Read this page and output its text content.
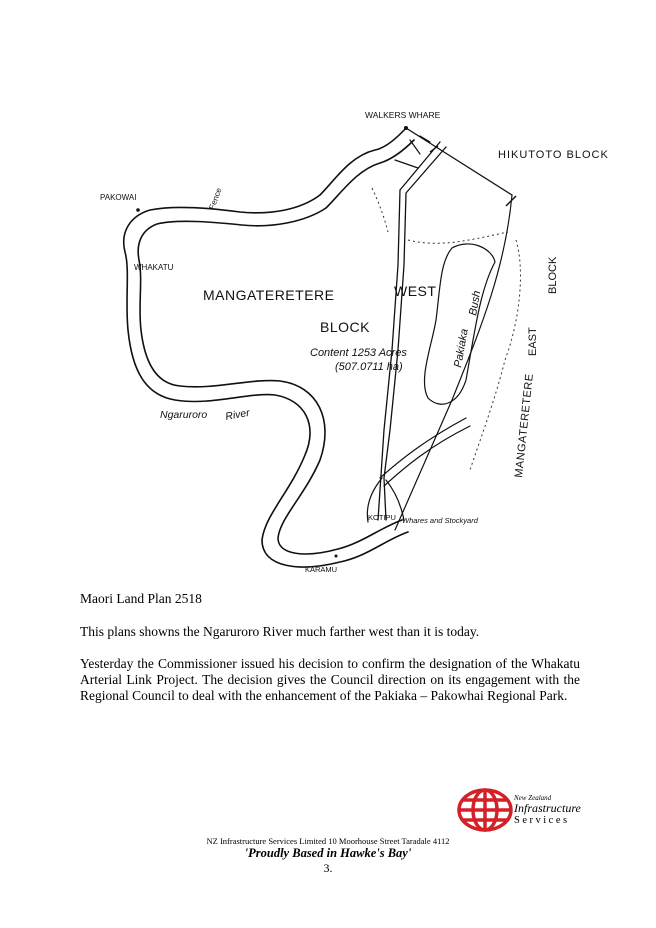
WALKERS WHARE
HIKUTOTO BLOCK
PAKOWAI	Fence
WHAKATU
MANGATERETERE	WEST
BLOCK
Content 1253 Acres
(507.0711 ha)	Pakiaka
Bush
EAST
BLOCK
MANGATERETERE
Ngaruroro River
KOTIPU Whares and Stockyard
KARAMU
Maori Land Plan 2518

This plans showns the Ngaruroro River much farther west than it is today.

Yesterday the Commissioner issued his decision to confirm the designation of the Whakatu Arterial Link Project. The decision gives the Council direction on its engagement with the Regional Council to deal with the enhancement of the Pakiaka – Pakowhai Regional Park.

New Zealand
Infrastructure
Services
NZ Infrastructure Services Limited 10 Moorhouse Street Taradale 4112
'Proudly Based in Hawke's Bay'
3.
